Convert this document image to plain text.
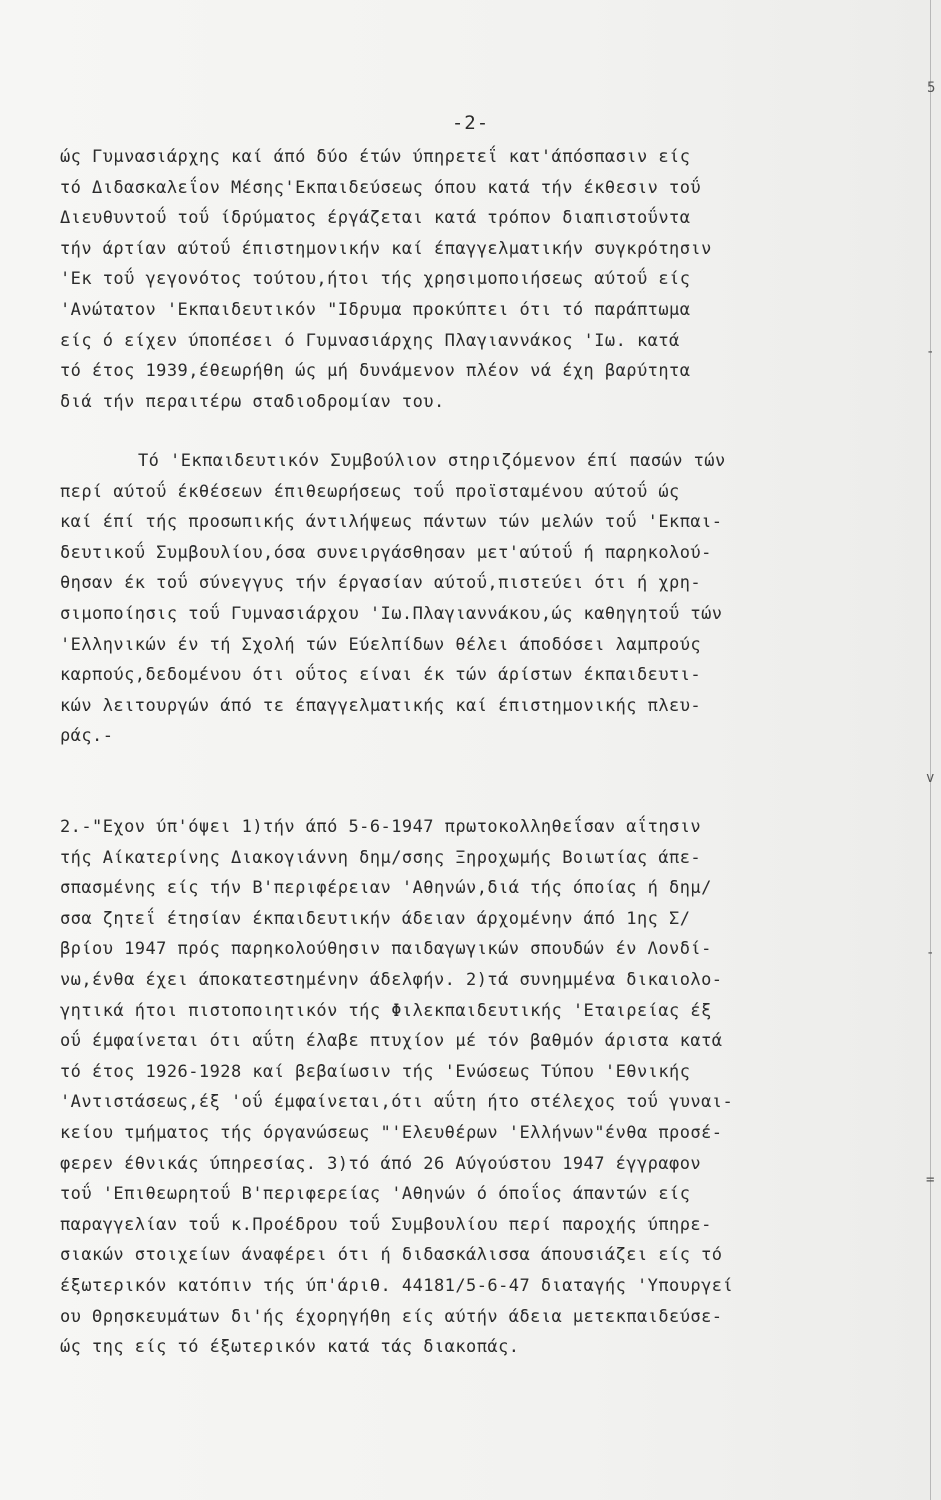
5
-
v
-
=
-2-
ώς Γυμνασιάρχης καί άπό δύο έτών ύπηρετεΐ κατ'άπόσπασιν είς
τό Διδασκαλεΐον Μέσης'Εκπαιδεύσεως όπου κατά τήν έκθεσιν τοΰ
Διευθυντοΰ τοΰ ίδρύματος έργάζεται κατά τρόπον διαπιστοΰντα
τήν άρτίαν αύτοΰ έπιστημονικήν καί έπαγγελματικήν συγκρότησιν
'Εκ τοΰ γεγονότος τούτου,ήτοι τής χρησιμοποιήσεως αύτοΰ είς
'Ανώτατον 'Εκπαιδευτικόν "Ιδρυμα προκύπτει ότι τό παράπτωμα
είς ό είχεν ύποπέσει ό Γυμνασιάρχης Πλαγιαννάκος 'Ιω. κατά
τό έτος 1939,έθεωρήθη ώς μή δυνάμενον πλέον νά έχη βαρύτητα
διά τήν περαιτέρω σταδιοδρομίαν του.
Τό 'Εκπαιδευτικόν Συμβούλιον στηριζόμενον έπί πασών τών
περί αύτοΰ έκθέσεων έπιθεωρήσεως τοΰ προϊσταμένου αύτοΰ ώς
καί έπί τής προσωπικής άντιλήψεως πάντων τών μελών τοΰ 'Εκπαι-
δευτικοΰ Συμβουλίου,όσα συνειργάσθησαν μετ'αύτοΰ ή παρηκολού-
θησαν έκ τοΰ σύνεγγυς τήν έργασίαν αύτοΰ,πιστεύει ότι ή χρη-
σιμοποίησις τοΰ Γυμνασιάρχου 'Ιω.Πλαγιαννάκου,ώς καθηγητοΰ τών
'Ελληνικών έν τή Σχολή τών Εύελπίδων θέλει άποδόσει λαμπρούς
καρπούς,δεδομένου ότι οΰτος είναι έκ τών άρίστων έκπαιδευτι-
κών λειτουργών άπό τε έπαγγελματικής καί έπιστημονικής πλευ-
ράς.-
2.-"Εχον ύπ'όψει 1)τήν άπό 5-6-1947 πρωτοκολληθεΐσαν αΐτησιν
τής Αίκατερίνης Διακογιάννη δημ/σσης Ξηροχωμής Βοιωτίας άπε-
σπασμένης είς τήν Β'περιφέρειαν 'Αθηνών,διά τής όποίας ή δημ/
σσα ζητεΐ έτησίαν έκπαιδευτικήν άδειαν άρχομένην άπό 1ης Σ/
βρίου 1947 πρός παρηκολούθησιν παιδαγωγικών σπουδών έν Λονδί-
νω,ένθα έχει άποκατεστημένην άδελφήν. 2)τά συνημμένα δικαιολο-
γητικά ήτοι πιστοποιητικόν τής Φιλεκπαιδευτικής 'Εταιρείας έξ
οΰ έμφαίνεται ότι αΰτη έλαβε πτυχίον μέ τόν βαθμόν άριστα κατά
τό έτος 1926-1928 καί βεβαίωσιν τής 'Ενώσεως Τύπου 'Εθνικής
'Αντιστάσεως,έξ 'οΰ έμφαίνεται,ότι αΰτη ήτο στέλεχος τοΰ γυναι-
κείου τμήματος τής όργανώσεως "'Ελευθέρων 'Ελλήνων"ένθα προσέ-
φερεν έθνικάς ύπηρεσίας. 3)τό άπό 26 Αύγούστου 1947 έγγραφον
τοΰ 'Επιθεωρητοΰ Β'περιφερείας 'Αθηνών ό όποΐος άπαντών είς
παραγγελίαν τοΰ κ.Προέδρου τοΰ Συμβουλίου περί παροχής ύπηρε-
σιακών στοιχείων άναφέρει ότι ή διδασκάλισσα άπουσιάζει είς τό
έξωτερικόν κατόπιν τής ύπ'άριθ. 44181/5-6-47 διαταγής 'Υπουργεί
ου Θρησκευμάτων δι'ής έχορηγήθη είς αύτήν άδεια μετεκπαιδεύσε-
ώς της είς τό έξωτερικόν κατά τάς διακοπάς.
